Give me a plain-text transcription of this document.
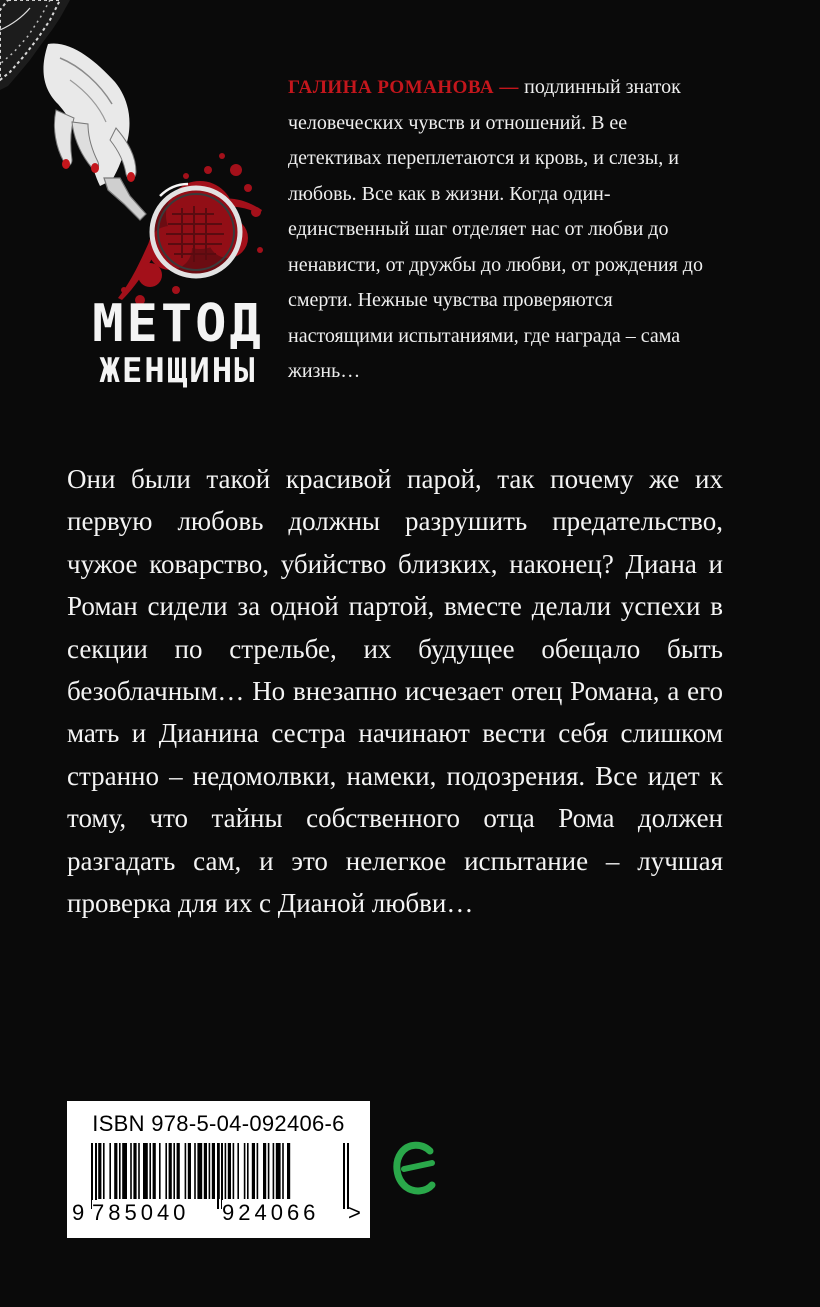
МЕТОД
ЖЕНЩИНЫ
ГАЛИНА РОМАНОВА — подлинный знаток человеческих чувств и отношений. В ее детективах переплетаются и кровь, и слезы, и любовь. Все как в жизни. Когда один-единственный шаг отделяет нас от любви до ненависти, от дружбы до любви, от рождения до смерти. Нежные чувства проверяются настоящими испытаниями, где награда – сама жизнь…
Они были такой красивой парой, так почему же их первую любовь должны разрушить предательство, чужое коварство, убийство близких, наконец? Диана и Роман сидели за одной партой, вместе делали успехи в секции по стрельбе, их будущее обещало быть безоблачным… Но внезапно исчезает отец Романа, а его мать и Дианина сестра начинают вести себя слишком странно – недомолвки, намеки, подозрения. Все идет к тому, что тайны собственного отца Рома должен разгадать сам, и это нелегкое испытание – лучшая проверка для их с Дианой любви…
ISBN 978-5-04-092406-6
9 785040	924066	>
